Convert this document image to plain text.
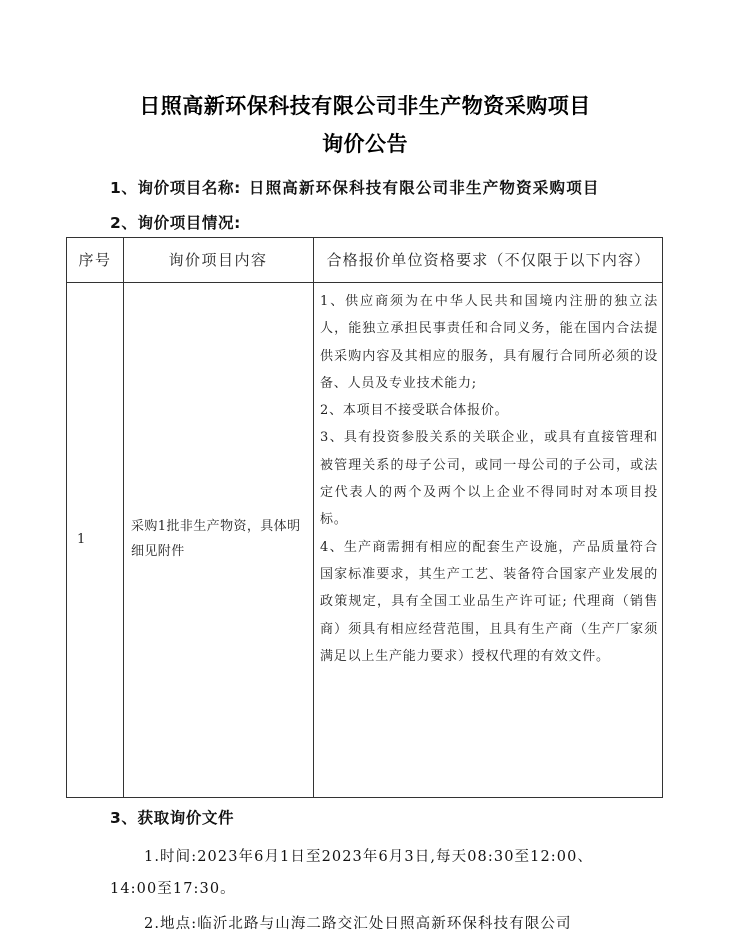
日照高新环保科技有限公司非生产物资采购项目
询价公告
1、询价项目名称: 日照高新环保科技有限公司非生产物资采购项目
2、询价项目情况:
序号	询价项目内容	合格报价单位资格要求（不仅限于以下内容）
1
采购1批非生产物资，具体明细见附件

1、供应商须为在中华人民共和国境内注册的独立法人，能独立承担民事责任和合同义务，能在国内合法提供采购内容及其相应的服务，具有履行合同所必须的设备、人员及专业技术能力;

2、本项目不接受联合体报价。

3、具有投资参股关系的关联企业，或具有直接管理和被管理关系的母子公司，或同一母公司的子公司，或法定代表人的两个及两个以上企业不得同时对本项目投标。

4、生产商需拥有相应的配套生产设施，产品质量符合国家标准要求，其生产工艺、装备符合国家产业发展的政策规定，具有全国工业品生产许可证; 代理商（销售商）须具有相应经营范围，且具有生产商（生产厂家须满足以上生产能力要求）授权代理的有效文件。

3、获取询价文件
1.时间:2023年6月1日至2023年6月3日,每天08:30至12:00、
14:00至17:30。
2.地点:临沂北路与山海二路交汇处日照高新环保科技有限公司
